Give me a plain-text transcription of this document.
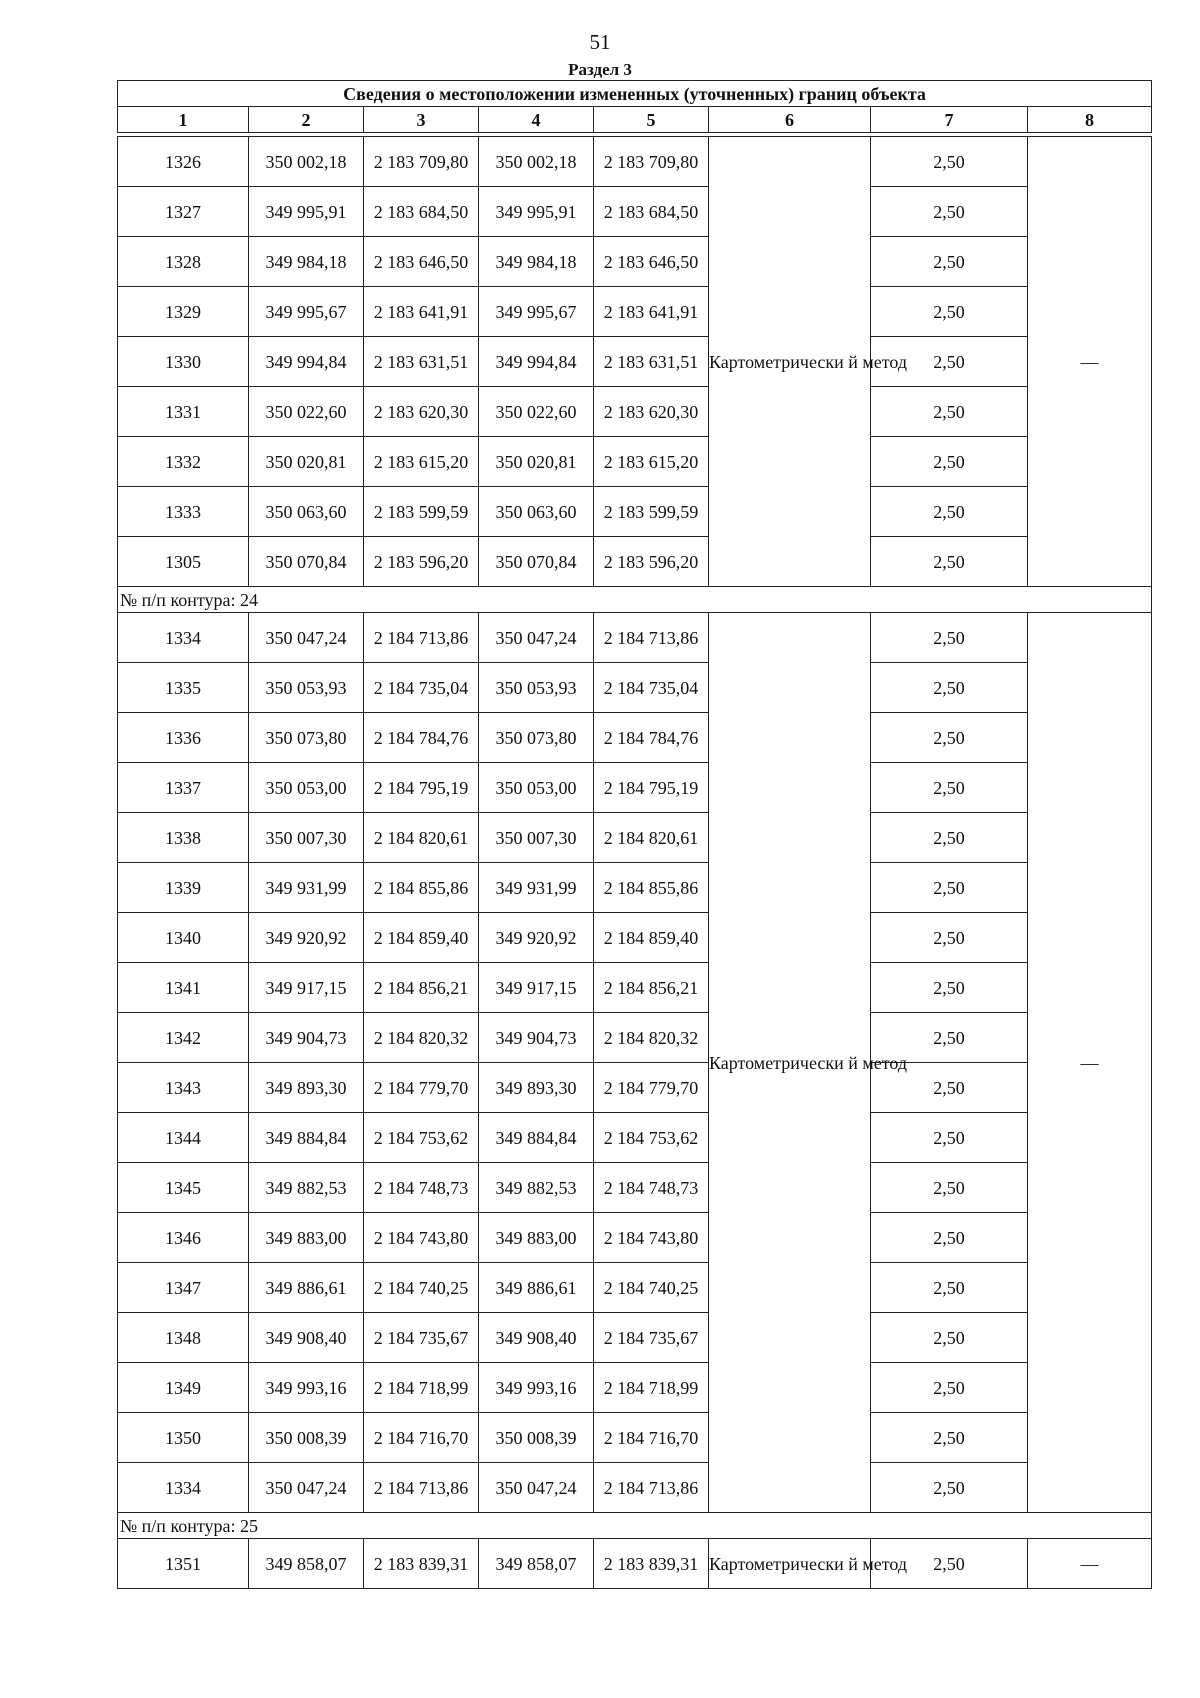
51
Раздел 3
Сведения о местоположении измененных (уточненных) границ объекта							
1	2	3	4	5	6	7	8

1326	350 002,18	2 183 709,80	350 002,18	2 183 709,80	Картометрически й метод	2,50	—
1327	349 995,91	2 183 684,50	349 995,91	2 183 684,50		2,50	
1328	349 984,18	2 183 646,50	349 984,18	2 183 646,50		2,50	
1329	349 995,67	2 183 641,91	349 995,67	2 183 641,91		2,50	
1330	349 994,84	2 183 631,51	349 994,84	2 183 631,51		2,50	
1331	350 022,60	2 183 620,30	350 022,60	2 183 620,30		2,50	
1332	350 020,81	2 183 615,20	350 020,81	2 183 615,20		2,50	
1333	350 063,60	2 183 599,59	350 063,60	2 183 599,59		2,50	
1305	350 070,84	2 183 596,20	350 070,84	2 183 596,20		2,50	
№ п/п контура: 24							
1334	350 047,24	2 184 713,86	350 047,24	2 184 713,86	Картометрически й метод	2,50	—
1335	350 053,93	2 184 735,04	350 053,93	2 184 735,04		2,50	
1336	350 073,80	2 184 784,76	350 073,80	2 184 784,76		2,50	
1337	350 053,00	2 184 795,19	350 053,00	2 184 795,19		2,50	
1338	350 007,30	2 184 820,61	350 007,30	2 184 820,61		2,50	
1339	349 931,99	2 184 855,86	349 931,99	2 184 855,86		2,50	
1340	349 920,92	2 184 859,40	349 920,92	2 184 859,40		2,50	
1341	349 917,15	2 184 856,21	349 917,15	2 184 856,21		2,50	
1342	349 904,73	2 184 820,32	349 904,73	2 184 820,32		2,50	
1343	349 893,30	2 184 779,70	349 893,30	2 184 779,70		2,50	
1344	349 884,84	2 184 753,62	349 884,84	2 184 753,62		2,50	
1345	349 882,53	2 184 748,73	349 882,53	2 184 748,73		2,50	
1346	349 883,00	2 184 743,80	349 883,00	2 184 743,80		2,50	
1347	349 886,61	2 184 740,25	349 886,61	2 184 740,25		2,50	
1348	349 908,40	2 184 735,67	349 908,40	2 184 735,67		2,50	
1349	349 993,16	2 184 718,99	349 993,16	2 184 718,99		2,50	
1350	350 008,39	2 184 716,70	350 008,39	2 184 716,70		2,50	
1334	350 047,24	2 184 713,86	350 047,24	2 184 713,86		2,50	
№ п/п контура: 25							
1351	349 858,07	2 183 839,31	349 858,07	2 183 839,31	Картометрически й метод	2,50	—
